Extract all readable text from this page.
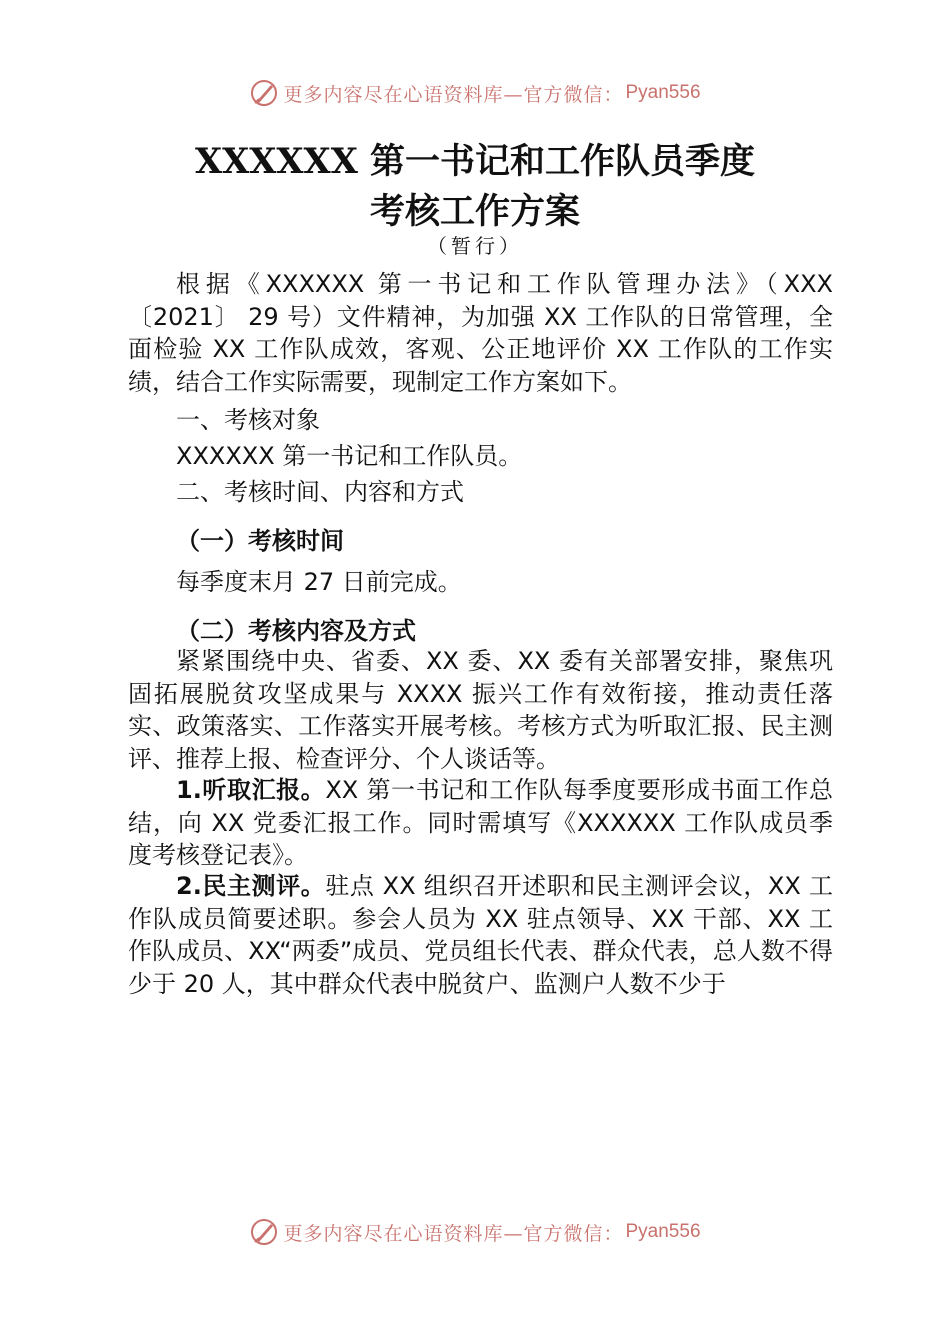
更多内容尽在心语资料库—官方微信： Pyan556
XXXXXX 第一书记和工作队员季度
考核工作方案
（暂行）
根据《XXXXXX 第一书记和工作队管理办法》（XXX〔2021〕 29 号）文件精神，为加强 XX 工作队的日常管理，全面检验 XX 工作队成效，客观、公正地评价 XX 工作队的工作实绩，结合工作实际需要，现制定工作方案如下。
一、考核对象
XXXXXX 第一书记和工作队员。
二、考核时间、内容和方式
（一）考核时间
每季度末月 27 日前完成。
（二）考核内容及方式
紧紧围绕中央、省委、XX 委、XX 委有关部署安排，聚焦巩固拓展脱贫攻坚成果与 XXXX 振兴工作有效衔接，推动责任落实、政策落实、工作落实开展考核。考核方式为听取汇报、民主测评、推荐上报、检查评分、个人谈话等。
1.听取汇报。XX 第一书记和工作队每季度要形成书面工作总结，向 XX 党委汇报工作。同时需填写《XXXXXX 工作队成员季度考核登记表》。
2.民主测评。驻点 XX 组织召开述职和民主测评会议，XX 工作队成员简要述职。参会人员为 XX 驻点领导、XX 干部、XX 工作队成员、XX“两委”成员、党员组长代表、群众代表，总人数不得少于 20 人，其中群众代表中脱贫户、监测户人数不少于
更多内容尽在心语资料库—官方微信： Pyan556
